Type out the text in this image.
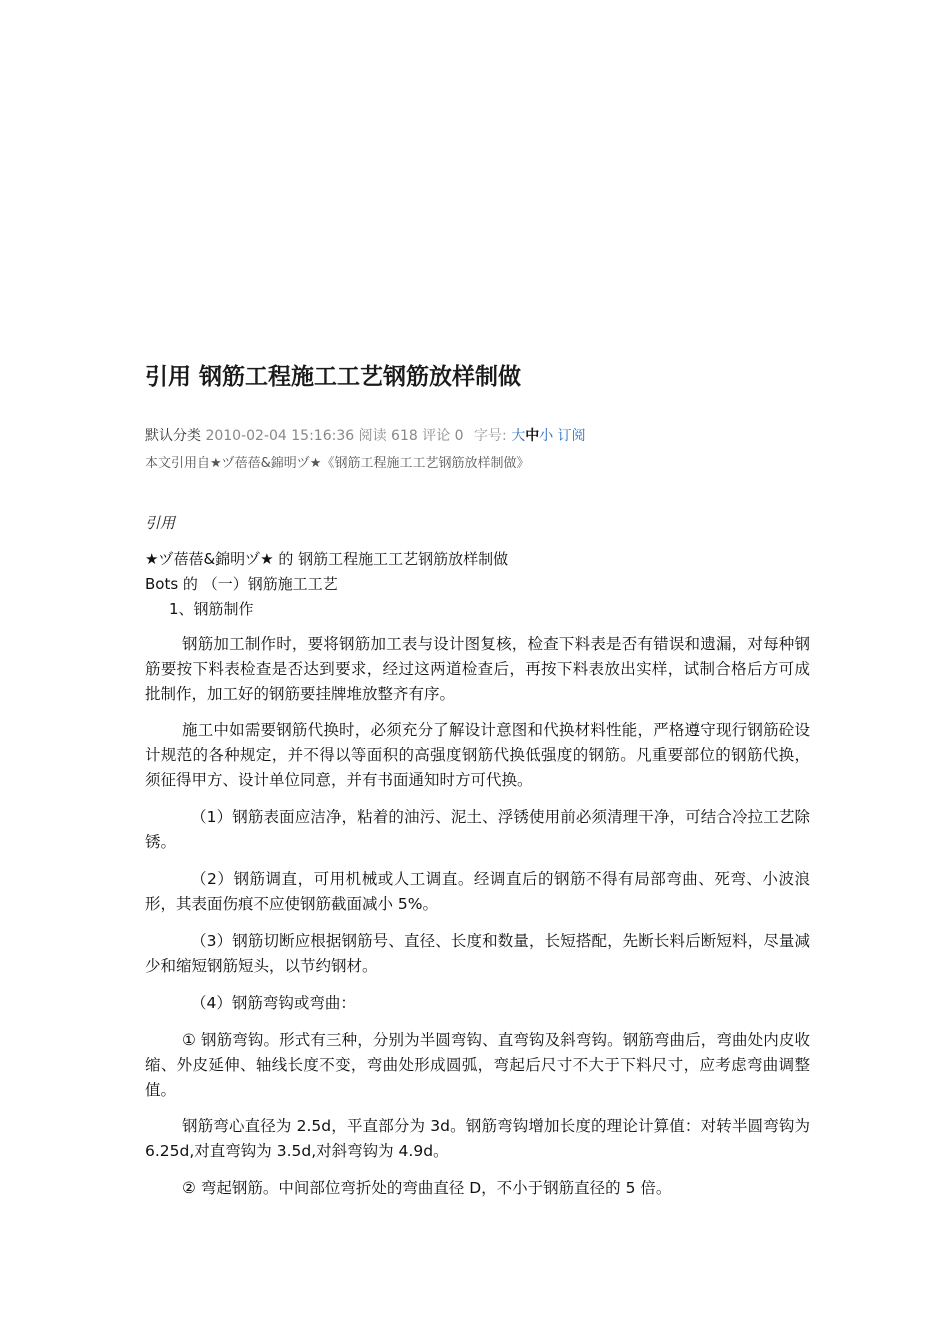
引用 钢筋工程施工工艺钢筋放样制做
默认分类 2010-02-04 15:16:36 阅读 618 评论 0 字号: 大中小 订阅
本文引用自★ヅ蓓蓓&錦明ヅ★《钢筋工程施工工艺钢筋放样制做》
引用
★ヅ蓓蓓&錦明ヅ★ 的 钢筋工程施工工艺钢筋放样制做
Bots 的 （一）钢筋施工工艺
1、钢筋制作

钢筋加工制作时，要将钢筋加工表与设计图复核，检查下料表是否有错误和遗漏，对每种钢筋要按下料表检查是否达到要求，经过这两道检查后，再按下料表放出实样，试制合格后方可成批制作，加工好的钢筋要挂牌堆放整齐有序。

施工中如需要钢筋代换时，必须充分了解设计意图和代换材料性能，严格遵守现行钢筋砼设计规范的各种规定，并不得以等面积的高强度钢筋代换低强度的钢筋。凡重要部位的钢筋代换，须征得甲方、设计单位同意，并有书面通知时方可代换。

（1）钢筋表面应洁净，粘着的油污、泥土、浮锈使用前必须清理干净，可结合冷拉工艺除锈。

（2）钢筋调直，可用机械或人工调直。经调直后的钢筋不得有局部弯曲、死弯、小波浪形，其表面伤痕不应使钢筋截面减小 5%。

（3）钢筋切断应根据钢筋号、直径、长度和数量，长短搭配，先断长料后断短料，尽量减少和缩短钢筋短头，以节约钢材。

（4）钢筋弯钩或弯曲：

① 钢筋弯钩。形式有三种，分别为半圆弯钩、直弯钩及斜弯钩。钢筋弯曲后，弯曲处内皮收缩、外皮延伸、轴线长度不变，弯曲处形成圆弧，弯起后尺寸不大于下料尺寸，应考虑弯曲调整值。

钢筋弯心直径为 2.5d，平直部分为 3d。钢筋弯钩增加长度的理论计算值：对转半圆弯钩为 6.25d,对直弯钩为 3.5d,对斜弯钩为 4.9d。

② 弯起钢筋。中间部位弯折处的弯曲直径 D，不小于钢筋直径的 5 倍。
